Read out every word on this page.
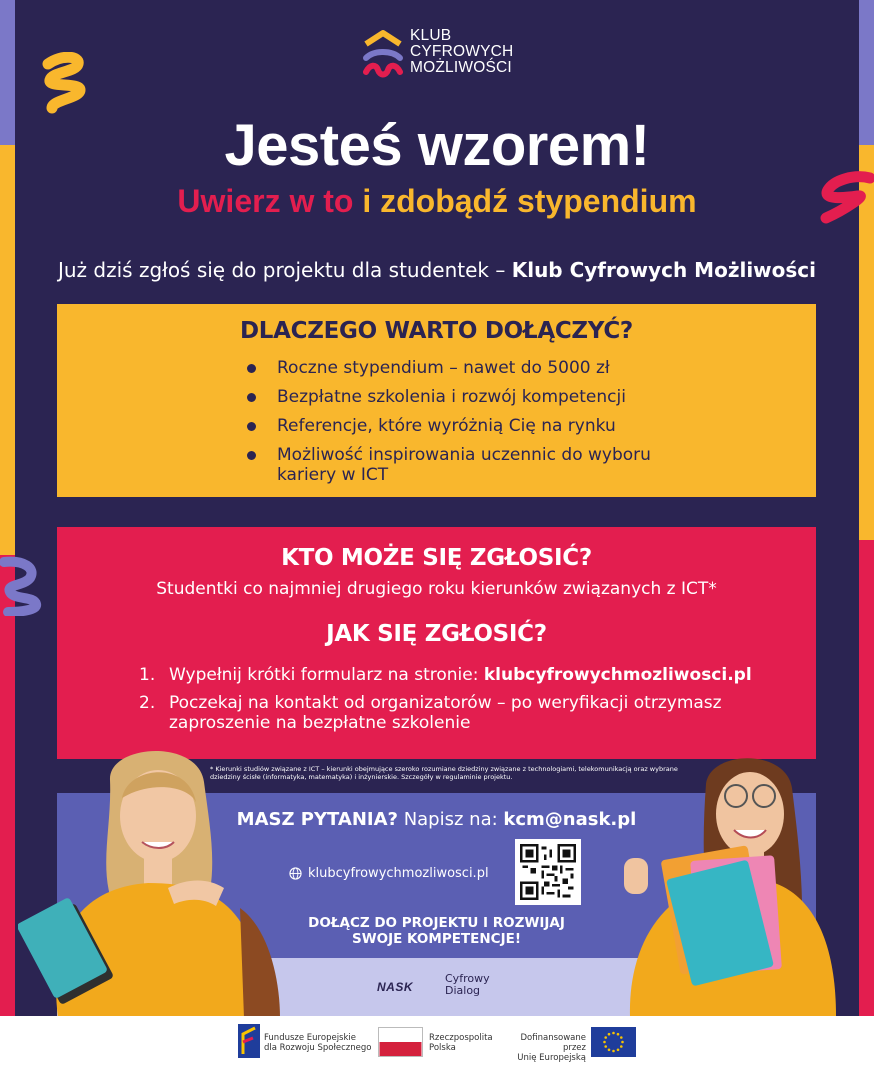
KLUB
CYFROWYCH
MOŻLIWOŚCI
Jesteś wzorem!
Uwierz w to i zdobądź stypendium
Już dziś zgłoś się do projektu dla studentek – Klub Cyfrowych Możliwości
DLACZEGO WARTO DOŁĄCZYĆ?
Roczne stypendium – nawet do 5000 zł
Bezpłatne szkolenia i rozwój kompetencji
Referencje, które wyróżnią Cię na rynku
Możliwość inspirowania uczennic do wyboru kariery w ICT
KTO MOŻE SIĘ ZGŁOSIĆ?
Studentki co najmniej drugiego roku kierunków związanych z ICT*
JAK SIĘ ZGŁOSIĆ?
1. Wypełnij krótki formularz na stronie: klubcyfrowychmozliwosci.pl
2. Poczekaj na kontakt od organizatorów – po weryfikacji otrzymasz zaproszenie na bezpłatne szkolenie
* Kierunki studiów związane z ICT – kierunki obejmujące szeroko rozumiane dziedziny związane z technologiami, telekomunikacją oraz wybrane dziedziny ścisłe (informatyka, matematyka) i inżynierskie. Szczegóły w regulaminie projektu.
MASZ PYTANIA? Napisz na: kcm@nask.pl
klubcyfrowychmozliwosci.pl
DOŁĄCZ DO PROJEKTU I ROZWIJAJ
SWOJE KOMPETENCJE!
NASK
Cyfrowy
Dialog
Fundusze Europejskie
dla Rozwoju Społecznego
Rzeczpospolita
Polska
Dofinansowane przez
Unię Europejską
